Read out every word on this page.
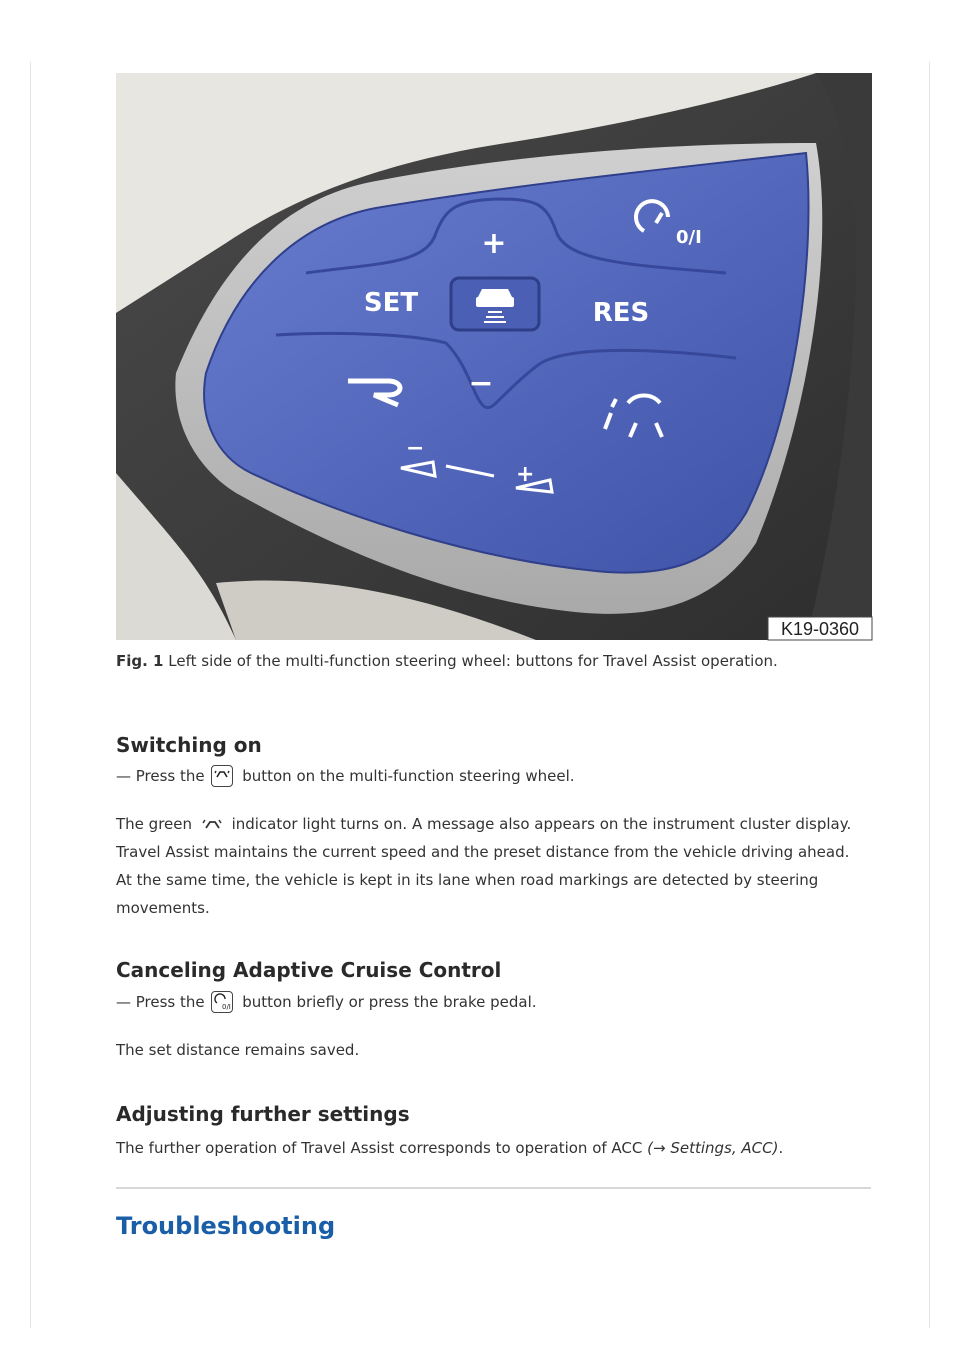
+
−
SET	RES
0/I
−
+
K19-0360
Fig. 1 Left side of the multi-function steering wheel: buttons for Travel Assist operation.
Switching on
— Press the	button on the multi-function steering wheel.
The green	indicator light turns on. A message also appears on the instrument cluster display.
Travel Assist maintains the current speed and the preset distance from the vehicle driving ahead.
At the same time, the vehicle is kept in its lane when road markings are detected by steering
movements.
Canceling Adaptive Cruise Control
— Press the	0/I button briefly or press the brake pedal.
The set distance remains saved.
Adjusting further settings
The further operation of Travel Assist corresponds to operation of ACC (→ Settings, ACC).
Troubleshooting
